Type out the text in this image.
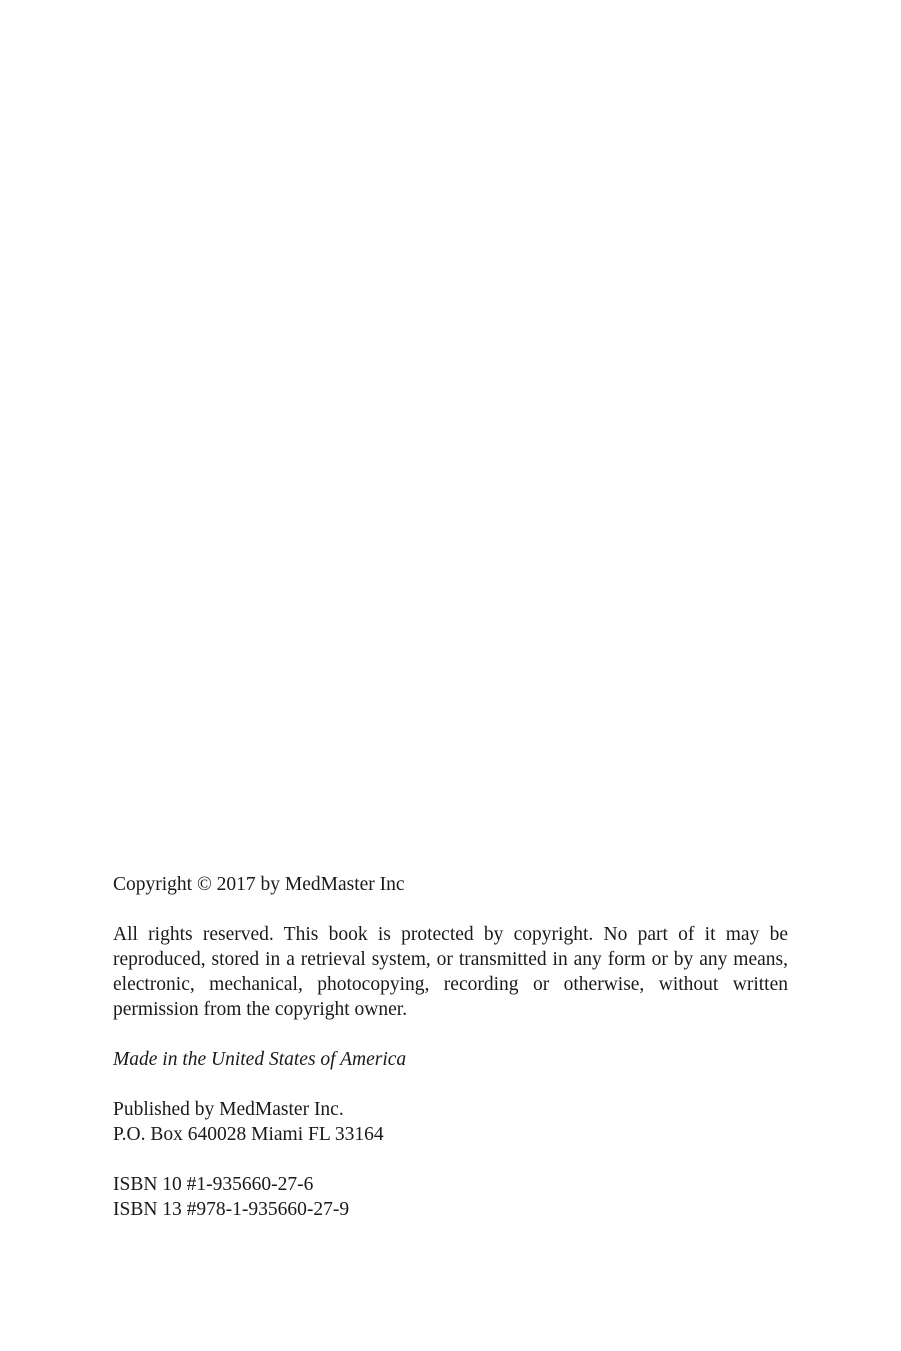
Copyright © 2017 by MedMaster Inc

All rights reserved. This book is protected by copyright. No part of it may be reproduced, stored in a retrieval system, or transmitted in any form or by any means, electronic, mechanical, photocopying, recording or otherwise, without written permission from the copyright owner.

Made in the United States of America

Published by MedMaster Inc.

P.O. Box 640028 Miami FL 33164

ISBN 10 #1-935660-27-6

ISBN 13 #978-1-935660-27-9
